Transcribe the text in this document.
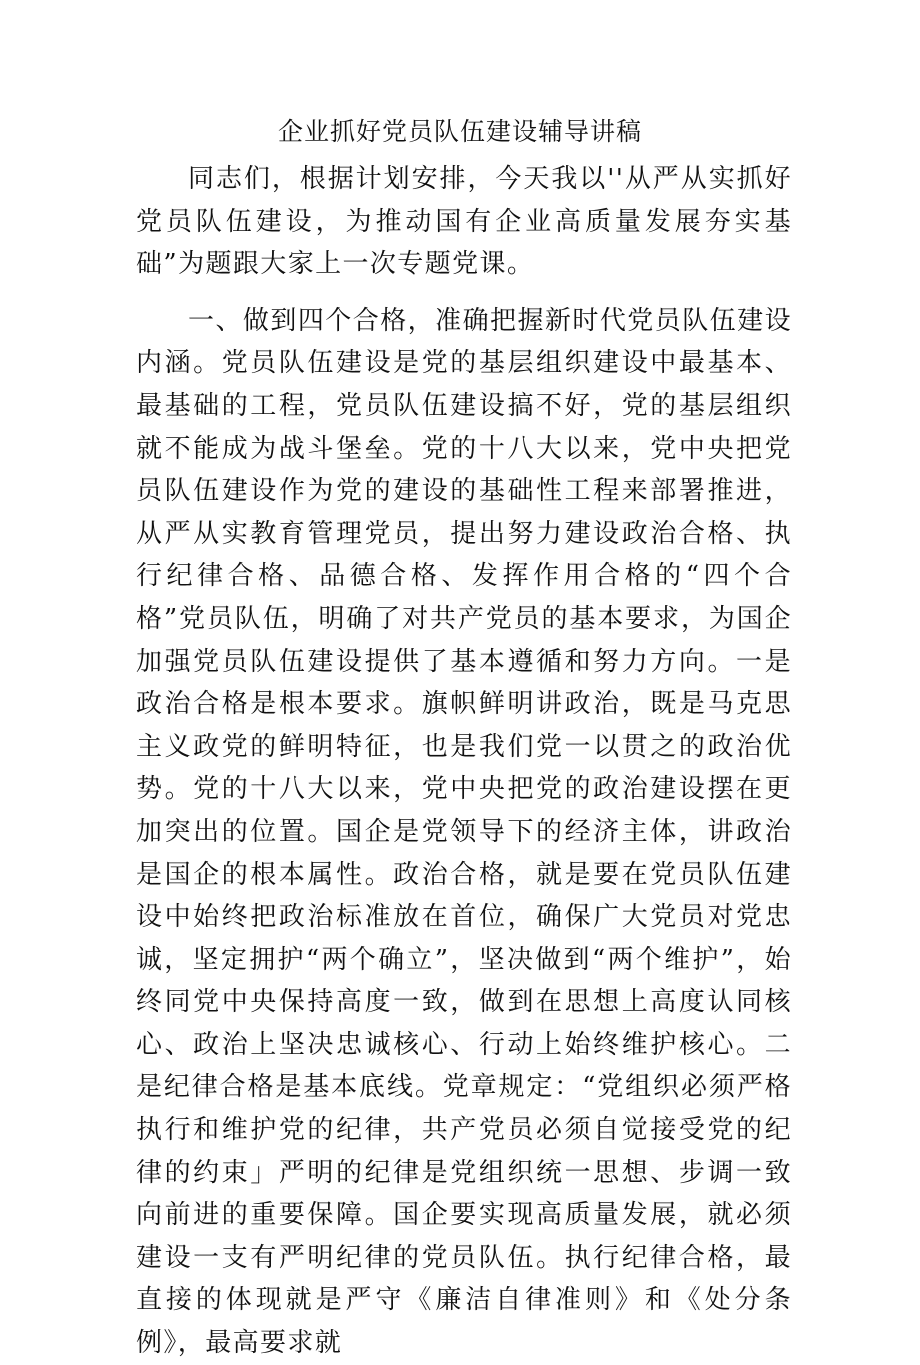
企业抓好党员队伍建设辅导讲稿

同志们，根据计划安排，今天我以''从严从实抓好党员队伍建设，为推动国有企业高质量发展夯实基础”为题跟大家上一次专题党课。

一、做到四个合格，准确把握新时代党员队伍建设内涵。党员队伍建设是党的基层组织建设中最基本、最基础的工程，党员队伍建设搞不好，党的基层组织就不能成为战斗堡垒。党的十八大以来，党中央把党员队伍建设作为党的建设的基础性工程来部署推进，从严从实教育管理党员，提出努力建设政治合格、执行纪律合格、品德合格、发挥作用合格的“四个合格”党员队伍，明确了对共产党员的基本要求，为国企加强党员队伍建设提供了基本遵循和努力方向。一是政治合格是根本要求。旗帜鲜明讲政治，既是马克思主义政党的鲜明特征，也是我们党一以贯之的政治优势。党的十八大以来，党中央把党的政治建设摆在更加突出的位置。国企是党领导下的经济主体，讲政治是国企的根本属性。政治合格，就是要在党员队伍建设中始终把政治标准放在首位，确保广大党员对党忠诚，坚定拥护“两个确立”，坚决做到“两个维护”，始终同党中央保持高度一致，做到在思想上高度认同核心、政治上坚决忠诚核心、行动上始终维护核心。二是纪律合格是基本底线。党章规定：“党组织必须严格执行和维护党的纪律，共产党员必须自觉接受党的纪律的约束」严明的纪律是党组织统一思想、步调一致向前进的重要保障。国企要实现高质量发展，就必须建设一支有严明纪律的党员队伍。执行纪律合格，最直接的体现就是严守《廉洁自律准则》和《处分条例》，最高要求就
